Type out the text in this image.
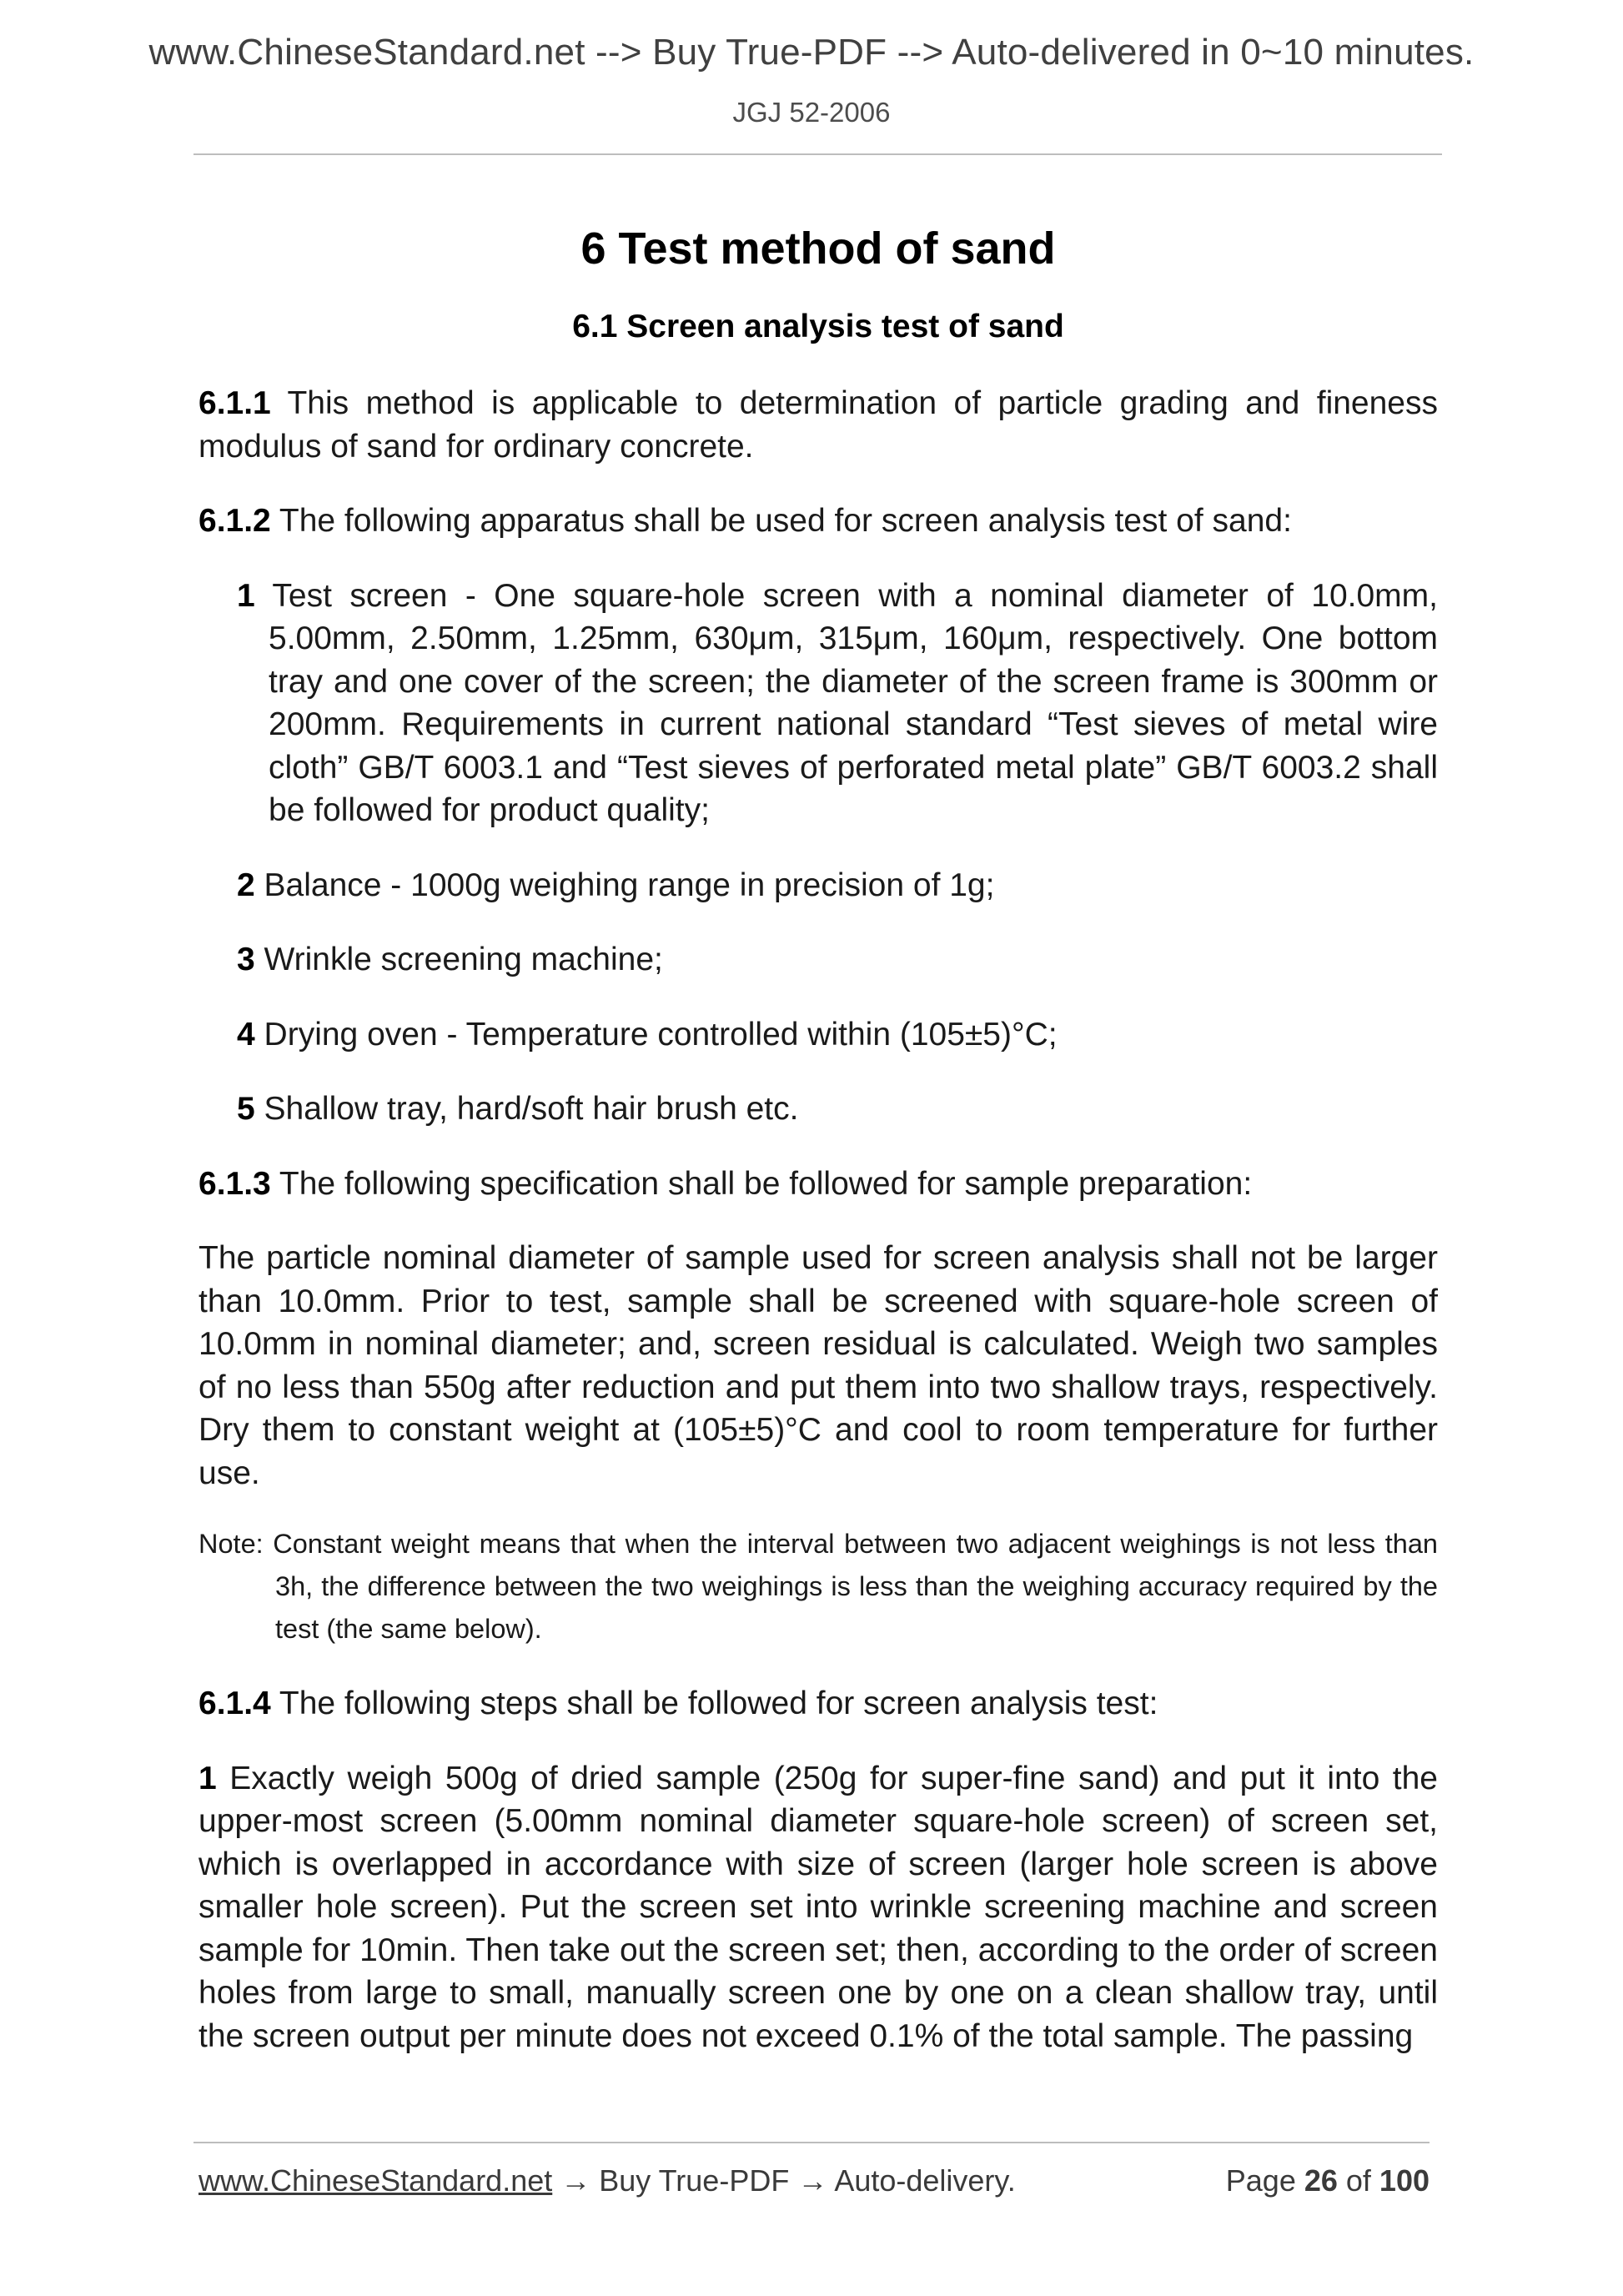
www.ChineseStandard.net --> Buy True-PDF --> Auto-delivered in 0~10 minutes.
JGJ 52-2006
6 Test method of sand
6.1 Screen analysis test of sand

6.1.1 This method is applicable to determination of particle grading and fineness modulus of sand for ordinary concrete.

6.1.2 The following apparatus shall be used for screen analysis test of sand:

1 Test screen - One square-hole screen with a nominal diameter of 10.0mm, 5.00mm, 2.50mm, 1.25mm, 630μm, 315μm, 160μm, respectively. One bottom tray and one cover of the screen; the diameter of the screen frame is 300mm or 200mm. Requirements in current national standard “Test sieves of metal wire cloth” GB/T 6003.1 and “Test sieves of perforated metal plate” GB/T 6003.2 shall be followed for product quality;

2 Balance - 1000g weighing range in precision of 1g;

3 Wrinkle screening machine;

4 Drying oven - Temperature controlled within (105±5)°C;

5 Shallow tray, hard/soft hair brush etc.

6.1.3 The following specification shall be followed for sample preparation:

The particle nominal diameter of sample used for screen analysis shall not be larger than 10.0mm. Prior to test, sample shall be screened with square-hole screen of 10.0mm in nominal diameter; and, screen residual is calculated. Weigh two samples of no less than 550g after reduction and put them into two shallow trays, respectively. Dry them to constant weight at (105±5)°C and cool to room temperature for further use.

Note: Constant weight means that when the interval between two adjacent weighings is not less than 3h, the difference between the two weighings is less than the weighing accuracy required by the test (the same below).

6.1.4 The following steps shall be followed for screen analysis test:

1 Exactly weigh 500g of dried sample (250g for super-fine sand) and put it into the upper-most screen (5.00mm nominal diameter square-hole screen) of screen set, which is overlapped in accordance with size of screen (larger hole screen is above smaller hole screen). Put the screen set into wrinkle screening machine and screen sample for 10min. Then take out the screen set; then, according to the order of screen holes from large to small, manually screen one by one on a clean shallow tray, until the screen output per minute does not exceed 0.1% of the total sample. The passing

www.ChineseStandard.net → Buy True-PDF → Auto-delivery.	Page 26 of 100
